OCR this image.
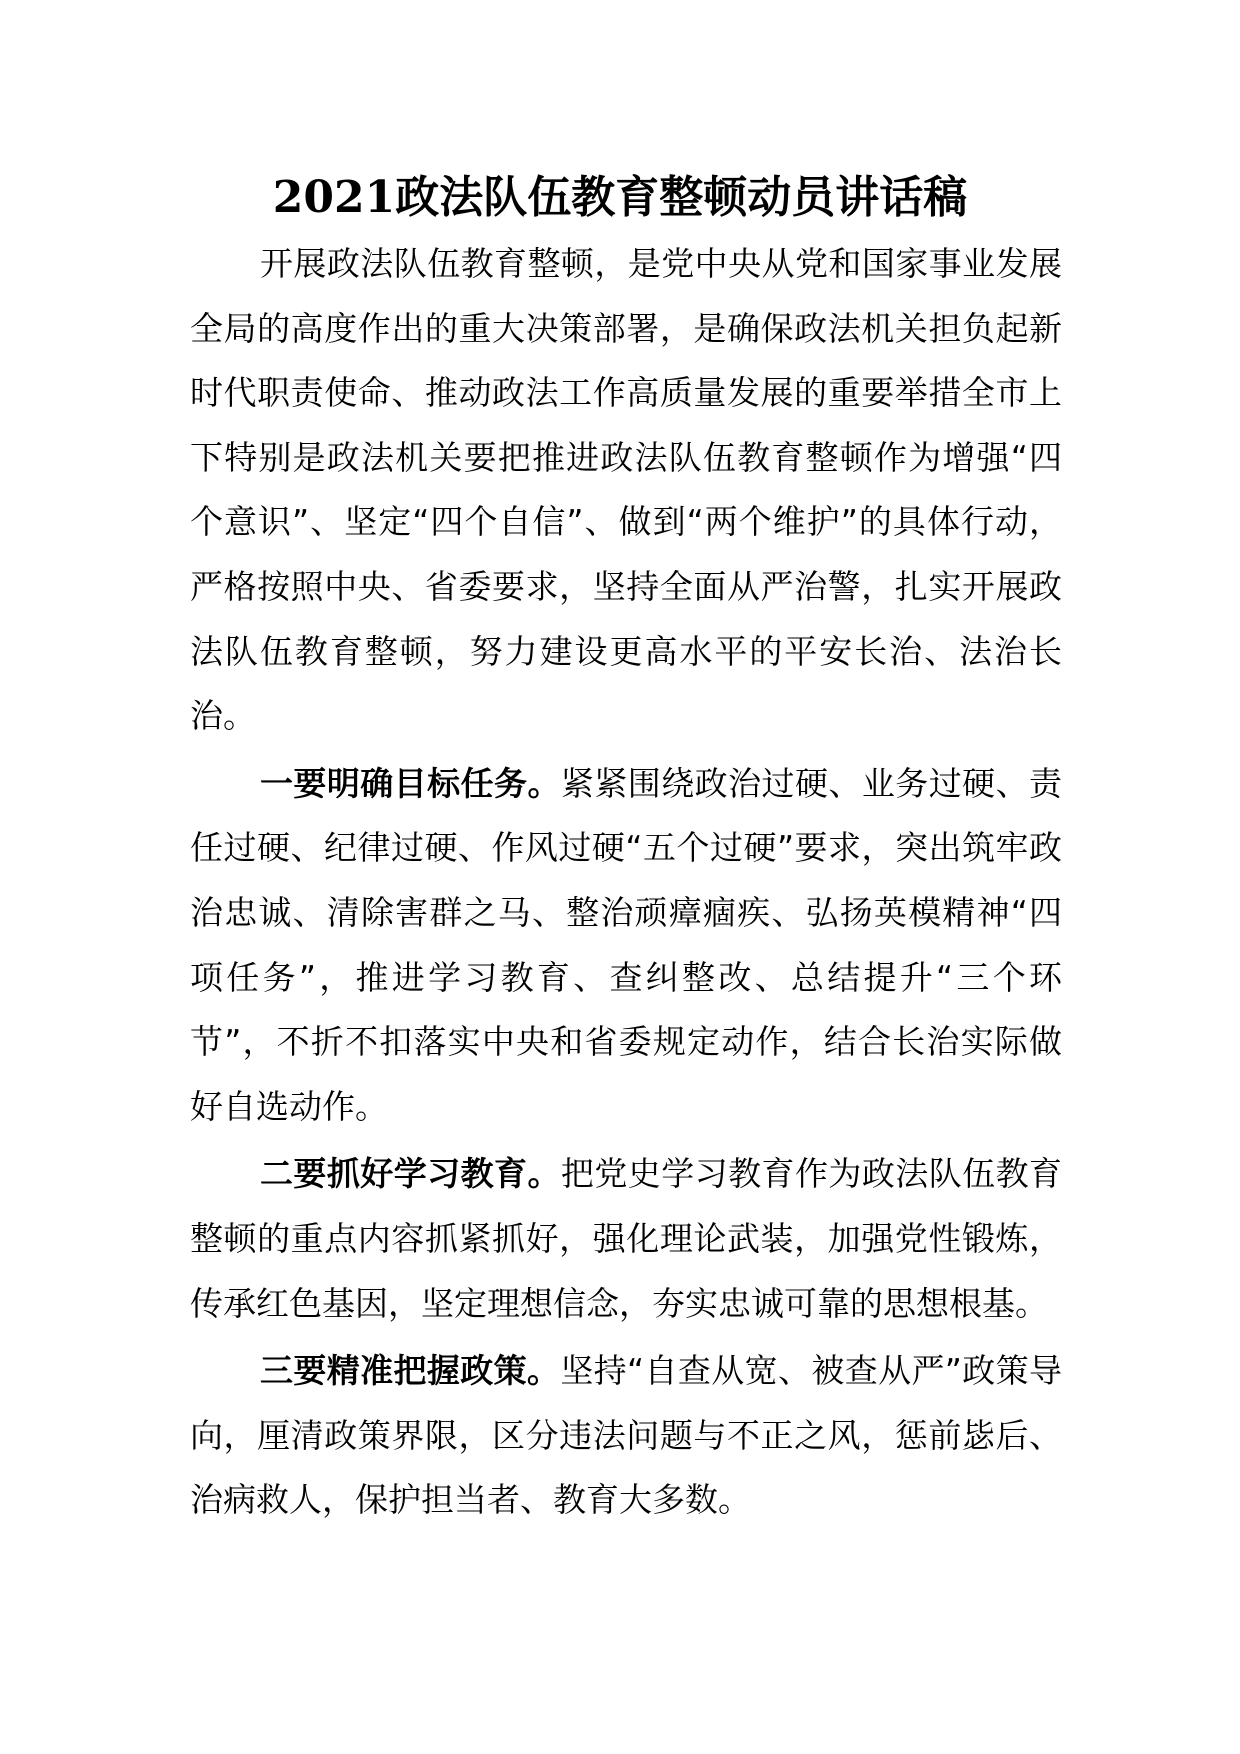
2021政法队伍教育整顿动员讲话稿

开展政法队伍教育整顿，是党中央从党和国家事业发展全局的高度作出的重大决策部署，是确保政法机关担负起新时代职责使命、推动政法工作高质量发展的重要举措全市上下特别是政法机关要把推进政法队伍教育整顿作为增强“四个意识”、坚定“四个自信”、做到“两个维护”的具体行动，严格按照中央、省委要求，坚持全面从严治警，扎实开展政法队伍教育整顿，努力建设更高水平的平安长治、法治长治。

一要明确目标任务。紧紧围绕政治过硬、业务过硬、责任过硬、纪律过硬、作风过硬“五个过硬”要求，突出筑牢政治忠诚、清除害群之马、整治顽瘴痼疾、弘扬英模精神“四项任务”，推进学习教育、查纠整改、总结提升“三个环节”，不折不扣落实中央和省委规定动作，结合长治实际做好自选动作。

二要抓好学习教育。把党史学习教育作为政法队伍教育整顿的重点内容抓紧抓好，强化理论武装，加强党性锻炼，传承红色基因，坚定理想信念，夯实忠诚可靠的思想根基。

三要精准把握政策。坚持“自查从宽、被查从严”政策导向，厘清政策界限，区分违法问题与不正之风，惩前毖后、治病救人，保护担当者、教育大多数。
